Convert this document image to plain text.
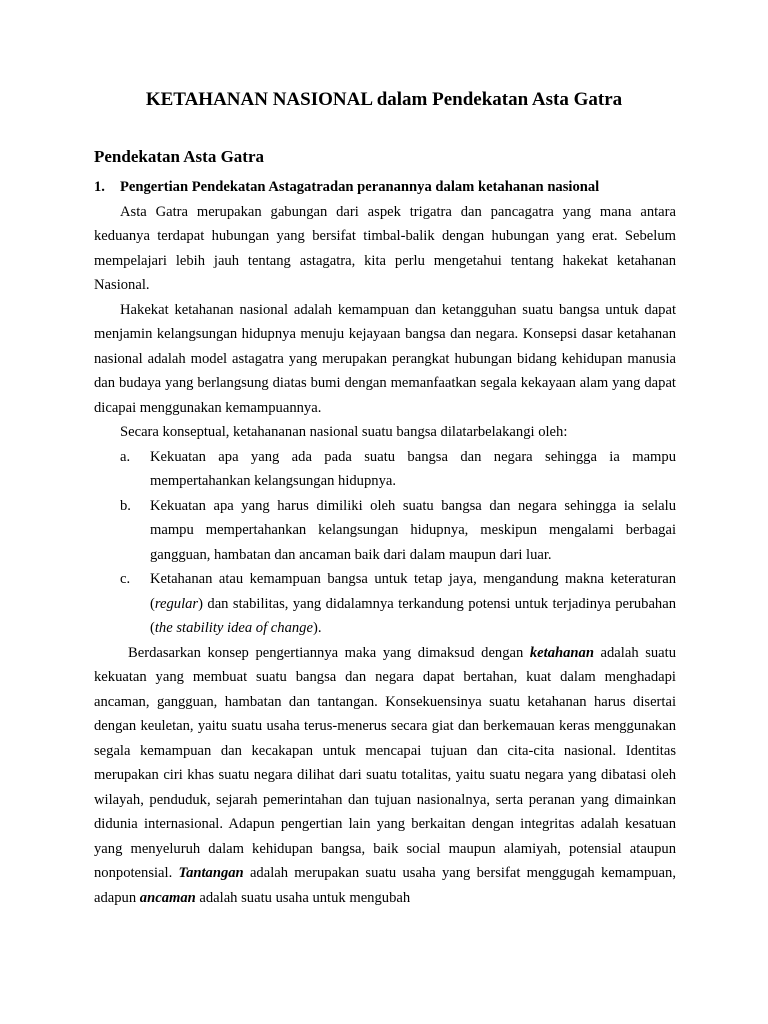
KETAHANAN NASIONAL dalam Pendekatan Asta Gatra
Pendekatan Asta Gatra
1.	Pengertian Pendekatan Astagatradan peranannya dalam ketahanan nasional

Asta Gatra merupakan gabungan dari aspek trigatra dan pancagatra yang mana antara keduanya terdapat hubungan yang bersifat timbal-balik dengan hubungan yang erat. Sebelum mempelajari lebih jauh tentang astagatra, kita perlu mengetahui tentang hakekat ketahanan Nasional.

Hakekat ketahanan nasional adalah kemampuan dan ketangguhan suatu bangsa untuk dapat menjamin kelangsungan hidupnya menuju kejayaan bangsa dan negara. Konsepsi dasar ketahanan nasional adalah model astagatra yang merupakan perangkat hubungan bidang kehidupan manusia dan budaya yang berlangsung diatas bumi dengan memanfaatkan segala kekayaan alam yang dapat dicapai menggunakan kemampuannya.

Secara konseptual, ketahananan nasional suatu bangsa dilatarbelakangi oleh:

a.	Kekuatan apa yang ada pada suatu bangsa dan negara sehingga ia mampu mempertahankan kelangsungan hidupnya.
b.	Kekuatan apa yang harus dimiliki oleh suatu bangsa dan negara sehingga ia selalu mampu mempertahankan kelangsungan hidupnya, meskipun mengalami berbagai gangguan, hambatan dan ancaman baik dari dalam maupun dari luar.
c.	Ketahanan atau kemampuan bangsa untuk tetap jaya, mengandung makna keteraturan (regular) dan stabilitas, yang didalamnya terkandung potensi untuk terjadinya perubahan (the stability idea of change).

Berdasarkan konsep pengertiannya maka yang dimaksud dengan ketahanan adalah suatu kekuatan yang membuat suatu bangsa dan negara dapat bertahan, kuat dalam menghadapi ancaman, gangguan, hambatan dan tantangan. Konsekuensinya suatu ketahanan harus disertai dengan keuletan, yaitu suatu usaha terus-menerus secara giat dan berkemauan keras menggunakan segala kemampuan dan kecakapan untuk mencapai tujuan dan cita-cita nasional. Identitas merupakan ciri khas suatu negara dilihat dari suatu totalitas, yaitu suatu negara yang dibatasi oleh wilayah, penduduk, sejarah pemerintahan dan tujuan nasionalnya, serta peranan yang dimainkan didunia internasional. Adapun pengertian lain yang berkaitan dengan integritas adalah kesatuan yang menyeluruh dalam kehidupan bangsa, baik social maupun alamiyah, potensial ataupun nonpotensial. Tantangan adalah merupakan suatu usaha yang bersifat menggugah kemampuan, adapun ancaman adalah suatu usaha untuk mengubah
